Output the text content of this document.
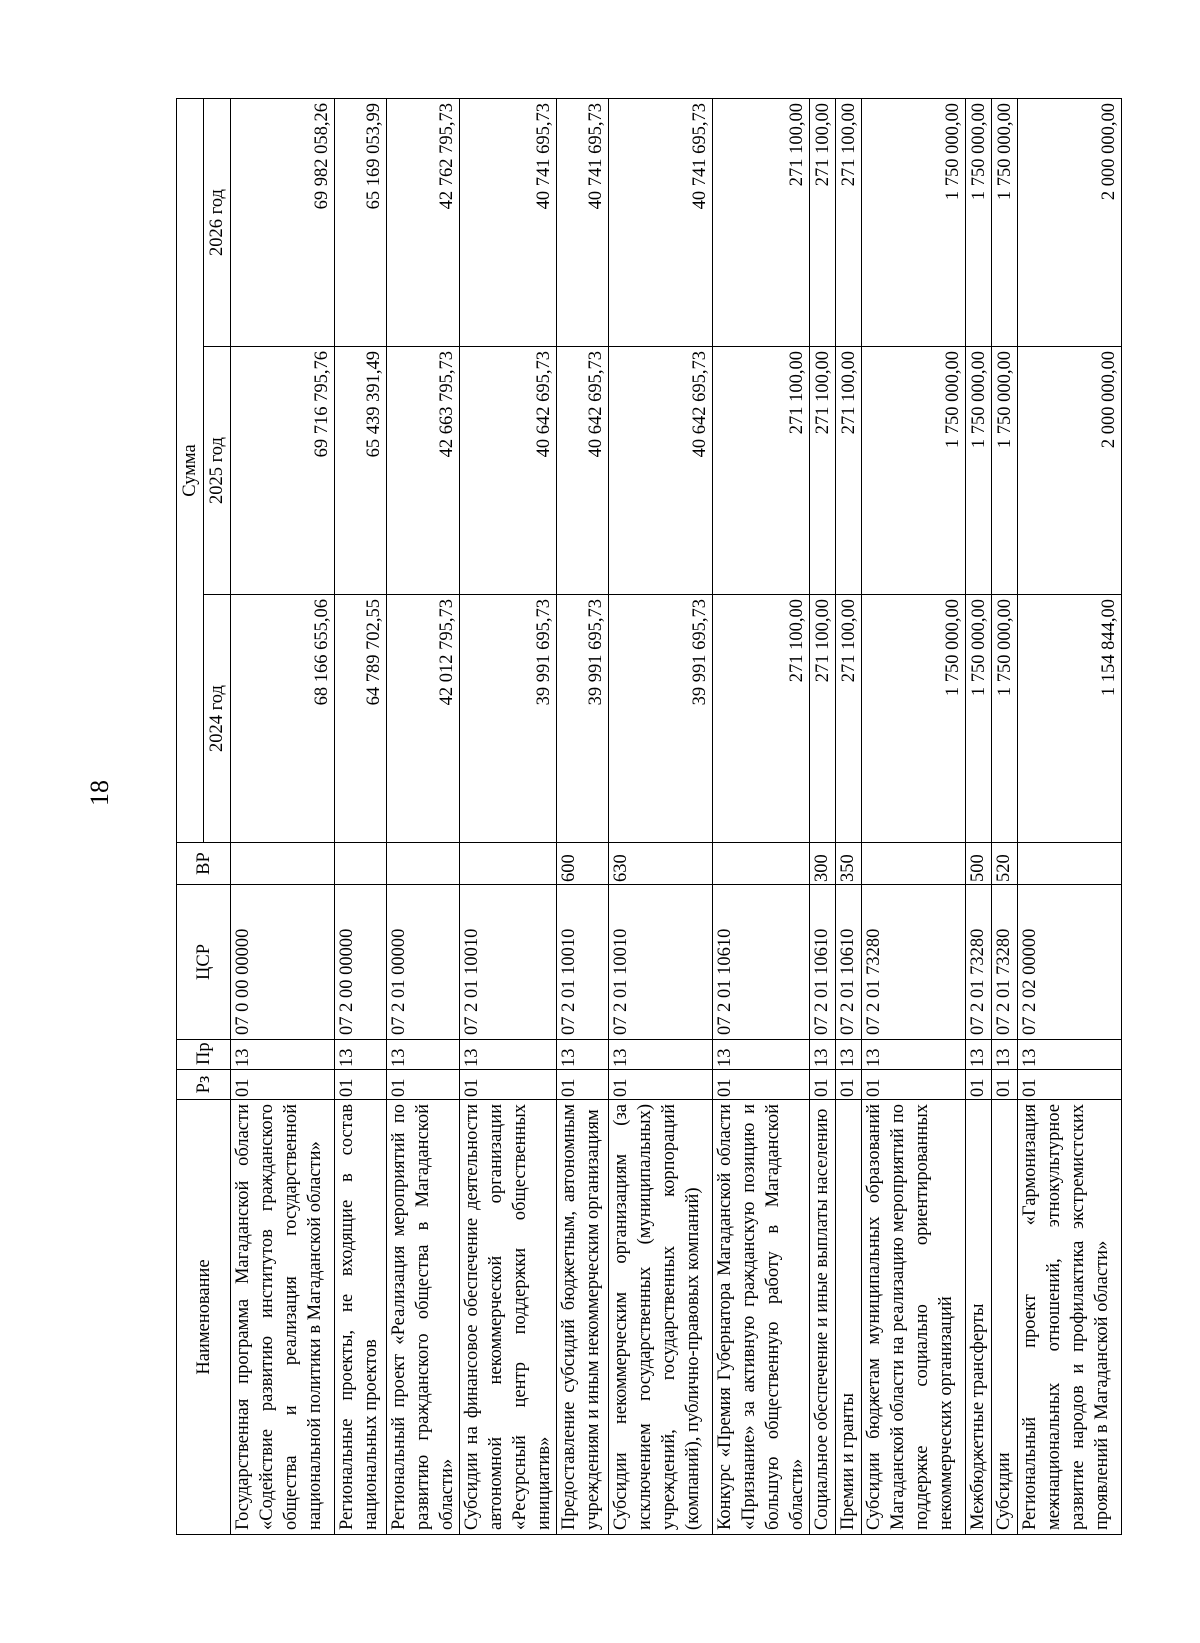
18
Наименование	Рз	Пр	ЦСР	ВР	Сумма		
					2024 год	2025 год	2026 год
Государственная программа Магаданской области «Содействие развитию институтов гражданского общества и реализация государственной национальной политики в Магаданской области»	01	13	07 0 00 00000		68 166 655,06	69 716 795,76	69 982 058,26
Региональные проекты, не входящие в состав национальных проектов	01	13	07 2 00 00000		64 789 702,55	65 439 391,49	65 169 053,99
Региональный проект «Реализация мероприятий по развитию гражданского общества в Магаданской области»	01	13	07 2 01 00000		42 012 795,73	42 663 795,73	42 762 795,73
Субсидии на финансовое обеспечение деятельности автономной некоммерческой организации «Ресурсный центр поддержки общественных инициатив»	01	13	07 2 01 10010		39 991 695,73	40 642 695,73	40 741 695,73
Предоставление субсидий бюджетным, автономным учреждениям и иным некоммерческим организациям	01	13	07 2 01 10010	600	39 991 695,73	40 642 695,73	40 741 695,73
Субсидии некоммерческим организациям (за исключением государственных (муниципальных) учреждений, государственных корпораций (компаний), публично-правовых компаний)	01	13	07 2 01 10010	630	39 991 695,73	40 642 695,73	40 741 695,73
Конкурс «Премия Губернатора Магаданской области «Признание» за активную гражданскую позицию и большую общественную работу в Магаданской области»	01	13	07 2 01 10610		271 100,00	271 100,00	271 100,00
Социальное обеспечение и иные выплаты населению	01	13	07 2 01 10610	300	271 100,00	271 100,00	271 100,00
Премии и гранты	01	13	07 2 01 10610	350	271 100,00	271 100,00	271 100,00
Субсидии бюджетам муниципальных образований Магаданской области на реализацию мероприятий по поддержке социально ориентированных некоммерческих организаций	01	13	07 2 01 73280		1 750 000,00	1 750 000,00	1 750 000,00
Межбюджетные трансферты	01	13	07 2 01 73280	500	1 750 000,00	1 750 000,00	1 750 000,00
Субсидии	01	13	07 2 01 73280	520	1 750 000,00	1 750 000,00	1 750 000,00
Региональный проект «Гармонизация межнациональных отношений, этнокультурное развитие народов и профилактика экстремистских проявлений в Магаданской области»	01	13	07 2 02 00000		1 154 844,00	2 000 000,00	2 000 000,00
